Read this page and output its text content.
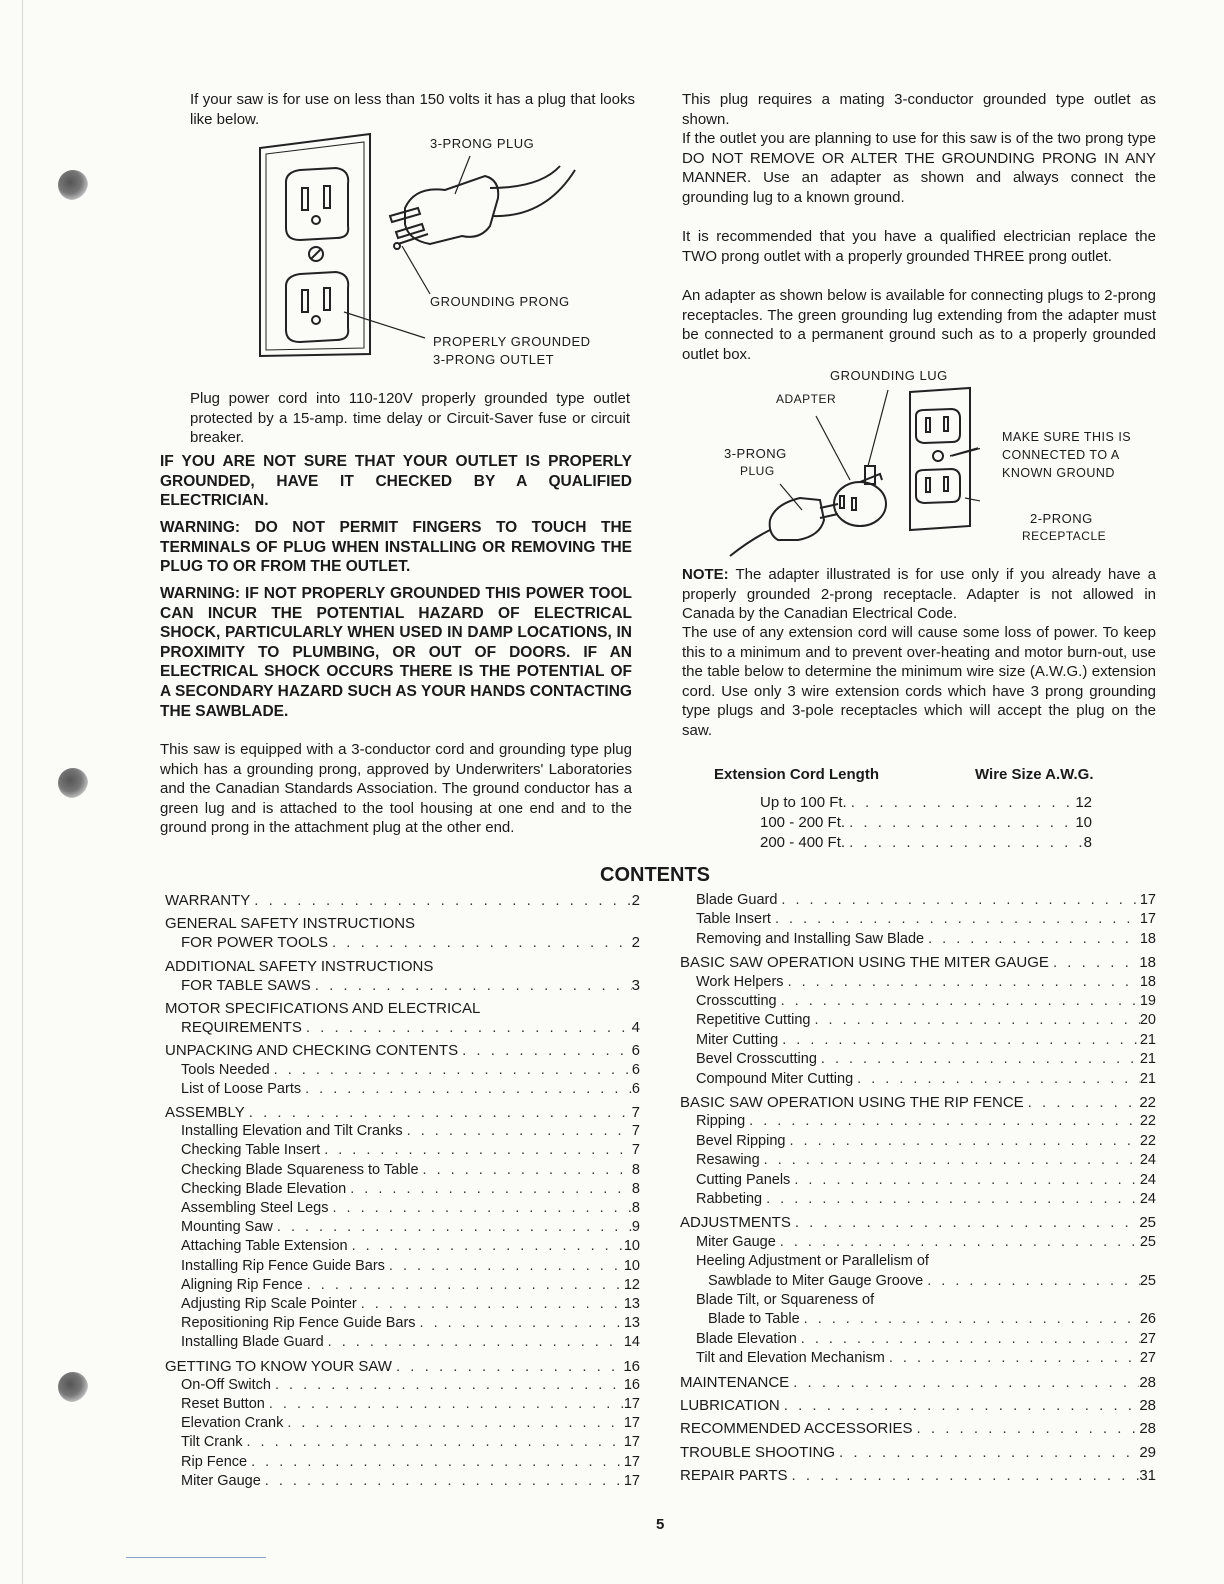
If your saw is for use on less than 150 volts it has a plug that looks like below.

3-PRONG PLUG
GROUNDING PRONG
PROPERLY GROUNDED
3-PRONG OUTLET

Plug power cord into 110-120V properly grounded type outlet protected by a 15-amp. time delay or Circuit-Saver fuse or circuit breaker.

IF YOU ARE NOT SURE THAT YOUR OUTLET IS PROPERLY GROUNDED, HAVE IT CHECKED BY A QUALIFIED ELECTRICIAN.

WARNING: DO NOT PERMIT FINGERS TO TOUCH THE TERMINALS OF PLUG WHEN INSTALLING OR REMOVING THE PLUG TO OR FROM THE OUTLET.

WARNING: IF NOT PROPERLY GROUNDED THIS POWER TOOL CAN INCUR THE POTENTIAL HAZARD OF ELECTRICAL SHOCK, PARTICULARLY WHEN USED IN DAMP LOCATIONS, IN PROXIMITY TO PLUMBING, OR OUT OF DOORS. IF AN ELECTRICAL SHOCK OCCURS THERE IS THE POTENTIAL OF A SECONDARY HAZARD SUCH AS YOUR HANDS CONTACTING THE SAWBLADE.

This saw is equipped with a 3-conductor cord and grounding type plug which has a grounding prong, approved by Underwriters' Laboratories and the Canadian Standards Association. The ground conductor has a green lug and is attached to the tool housing at one end and to the ground prong in the attachment plug at the other end.

This plug requires a mating 3-conductor grounded type outlet as shown.

If the outlet you are planning to use for this saw is of the two prong type DO NOT REMOVE OR ALTER THE GROUNDING PRONG IN ANY MANNER. Use an adapter as shown and always connect the grounding lug to a known ground.

It is recommended that you have a qualified electrician replace the TWO prong outlet with a properly grounded THREE prong outlet.

An adapter as shown below is available for connecting plugs to 2-prong receptacles. The green grounding lug extending from the adapter must be connected to a permanent ground such as to a properly grounded outlet box.

GROUNDING LUG
ADAPTER
3-PRONG
PLUG
MAKE SURE THIS IS
CONNECTED TO A
KNOWN GROUND
2-PRONG
RECEPTACLE

NOTE: The adapter illustrated is for use only if you already have a properly grounded 2-prong receptacle. Adapter is not allowed in Canada by the Canadian Electrical Code.

The use of any extension cord will cause some loss of power. To keep this to a minimum and to prevent over-heating and motor burn-out, use the table below to determine the minimum wire size (A.W.G.) extension cord. Use only 3 wire extension cords which have 3 prong grounding type plugs and 3-pole receptacles which will accept the plug on the saw.

Extension Cord Length	Wire Size A.W.G.
Up to 100 Ft. . . .	12
100 - 200 Ft. . . .	10
200 - 400 Ft. . . .	8
CONTENTS
WARRANTY . . .	2
GENERAL SAFETY INSTRUCTIONS
FOR POWER TOOLS . . .	2
ADDITIONAL SAFETY INSTRUCTIONS
FOR TABLE SAWS . . .	3
MOTOR SPECIFICATIONS AND ELECTRICAL
REQUIREMENTS . . .	4
UNPACKING AND CHECKING CONTENTS . . .	6
Tools Needed . . .	6
List of Loose Parts . . .	6
ASSEMBLY . . .	7
Installing Elevation and Tilt Cranks . . .	7
Checking Table Insert . . .	7
Checking Blade Squareness to Table . . .	8
Checking Blade Elevation . . .	8
Assembling Steel Legs . . .	8
Mounting Saw . . .	9
Attaching Table Extension . . .	10
Installing Rip Fence Guide Bars . . .	10
Aligning Rip Fence . . .	12
Adjusting Rip Scale Pointer . . .	13
Repositioning Rip Fence Guide Bars . . .	13
Installing Blade Guard . . .	14
GETTING TO KNOW YOUR SAW . . .	16
On-Off Switch . . .	16
Reset Button . . .	17
Elevation Crank . . .	17
Tilt Crank . . .	17
Rip Fence . . .	17
Miter Gauge . . .	17
Blade Guard . . .	17
Table Insert . . .	17
Removing and Installing Saw Blade . . .	18
BASIC SAW OPERATION USING THE MITER GAUGE . . .	18
Work Helpers . . .	18
Crosscutting . . .	19
Repetitive Cutting . . .	20
Miter Cutting . . .	21
Bevel Crosscutting . . .	21
Compound Miter Cutting . . .	21
BASIC SAW OPERATION USING THE RIP FENCE . . .	22
Ripping . . .	22
Bevel Ripping . . .	22
Resawing . . .	24
Cutting Panels . . .	24
Rabbeting . . .	24
ADJUSTMENTS . . .	25
Miter Gauge . . .	25
Heeling Adjustment or Parallelism of
Sawblade to Miter Gauge Groove . . .	25
Blade Tilt, or Squareness of
Blade to Table . . .	26
Blade Elevation . . .	27
Tilt and Elevation Mechanism . . .	27
MAINTENANCE . . .	28
LUBRICATION . . .	28
RECOMMENDED ACCESSORIES . . .	28
TROUBLE SHOOTING . . .	29
REPAIR PARTS . . .	31
5
